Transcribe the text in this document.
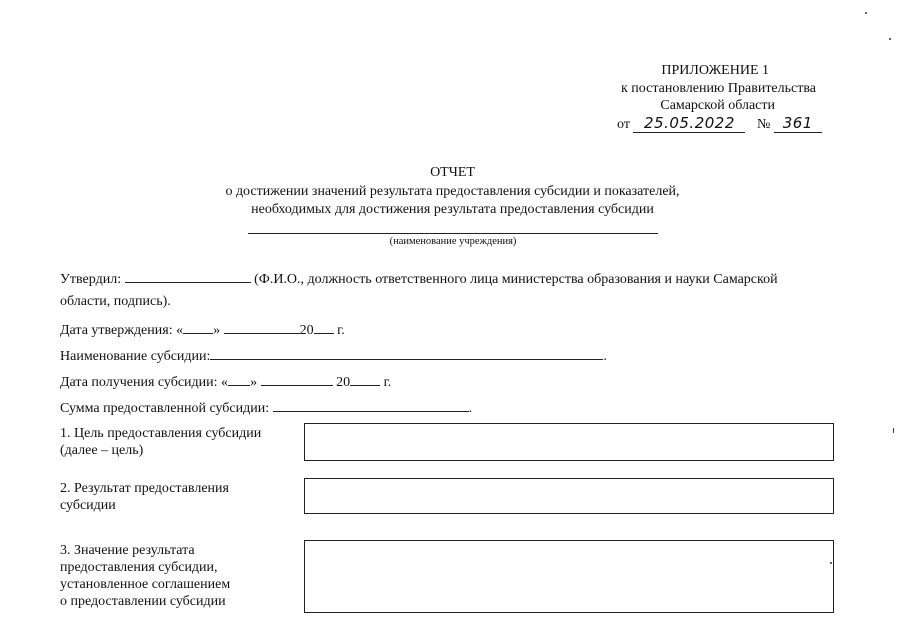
ПРИЛОЖЕНИЕ 1
к постановлению Правительства
Самарской области
от 25.05.2022 № 361
ОТЧЕТ
о достижении значений результата предоставления субсидии и показателей,
необходимых для достижения результата предоставления субсидии
(наименование учреждения)
Утвердил:	(Ф.И.О., должность ответственного лица министерства образования и науки Самарской
области, подпись).
Дата утверждения: « »	20 г.
Наименование субсидии:	.
Дата получения субсидии: « »	20 г.
Сумма предоставленной субсидии:	.
1. Цель предоставления субсидии
(далее – цель)
2. Результат предоставления
субсидии
3. Значение результата
предоставления субсидии,
установленное соглашением
о предоставлении субсидии
